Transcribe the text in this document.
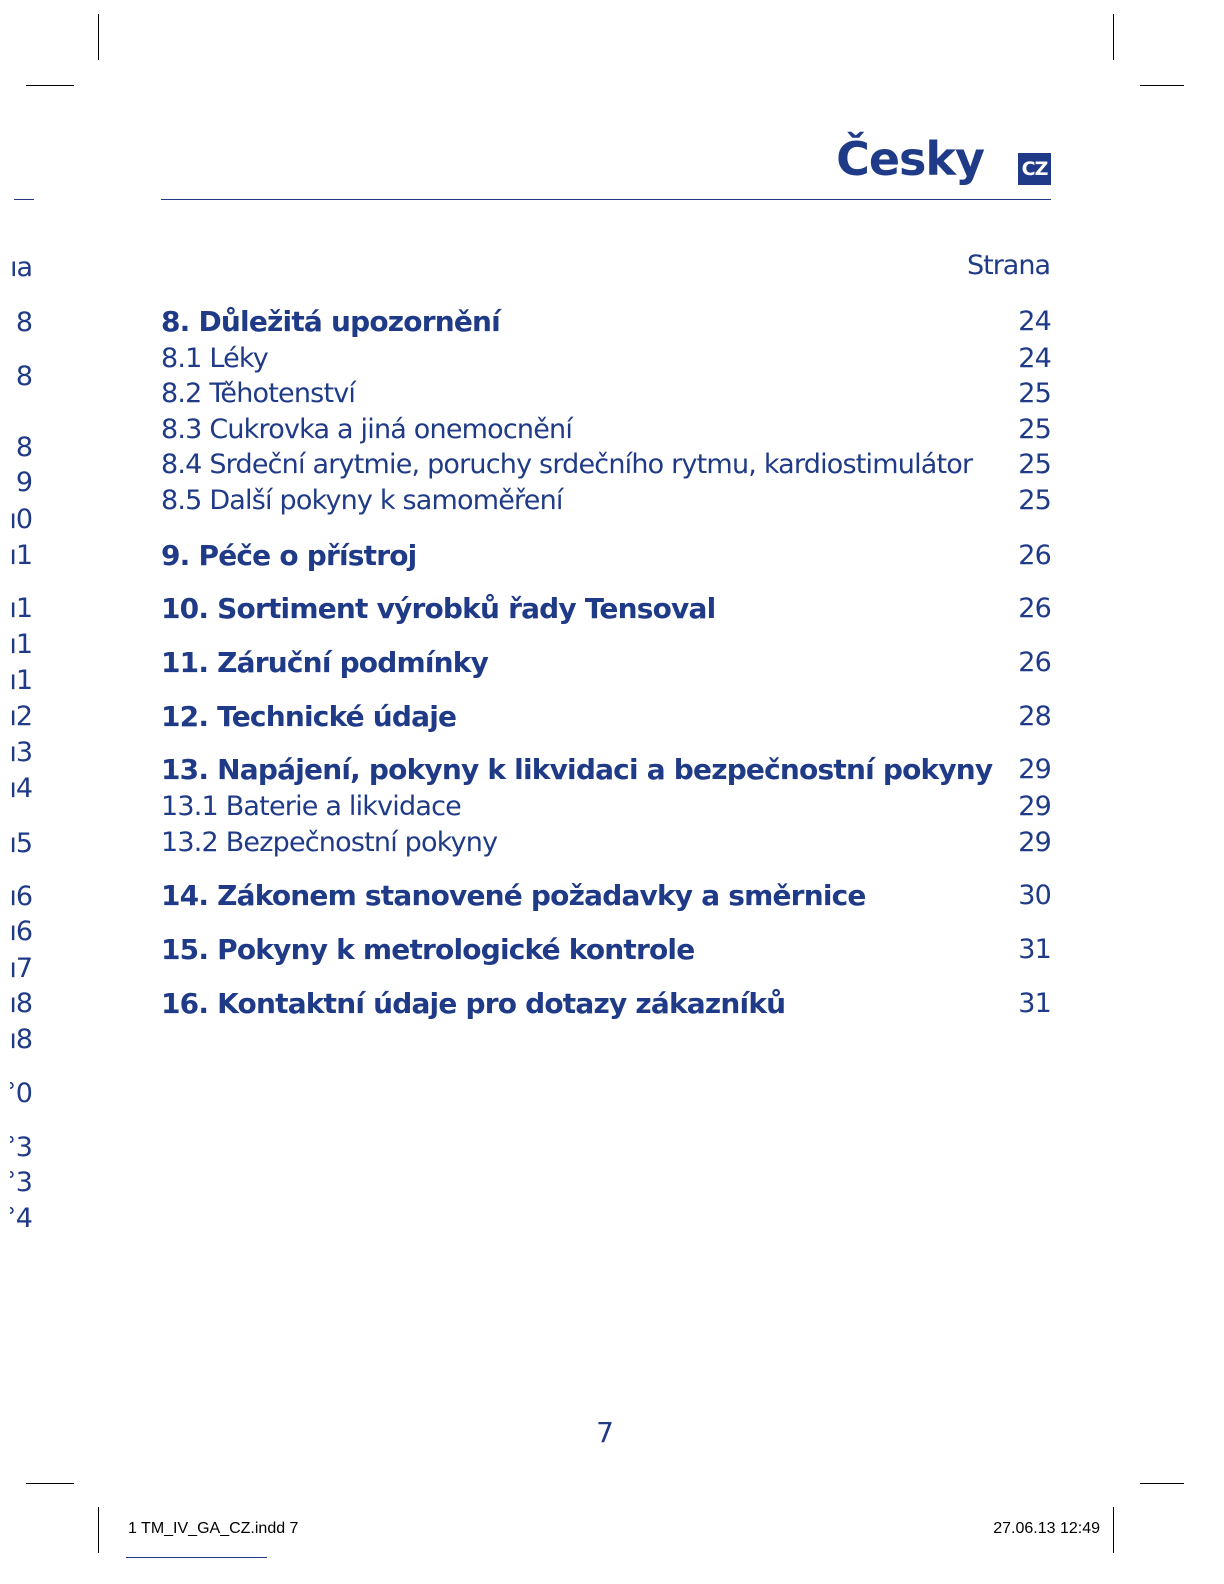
Česky CZ
Strana
ıa
8
8
8
9
ı0
ı1
ı1
ı1
ı1
ı2
ı3
ı4
ı5
ı6
ı6
ı7
ı8
ı8
ʾ0
ʾ3
ʾ3
ʾ4
8. Důležitá upozornění	24
8.1 Léky	24
8.2 Těhotenství	25
8.3 Cukrovka a jiná onemocnění	25
8.4 Srdeční arytmie, poruchy srdečního rytmu, kardiostimulátor 25
8.5 Další pokyny k samoměření	25
9. Péče o přístroj	26
10. Sortiment výrobků řady Tensoval	26
11. Záruční podmínky	26
12. Technické údaje	28
13. Napájení, pokyny k likvidaci a bezpečnostní pokyny 29
13.1 Baterie a likvidace	29
13.2 Bezpečnostní pokyny	29
14. Zákonem stanovené požadavky a směrnice	30
15. Pokyny k metrologické kontrole	31
16. Kontaktní údaje pro dotazy zákazníků	31
7
1 TM_IV_GA_CZ.indd 7	27.06.13 12:49
